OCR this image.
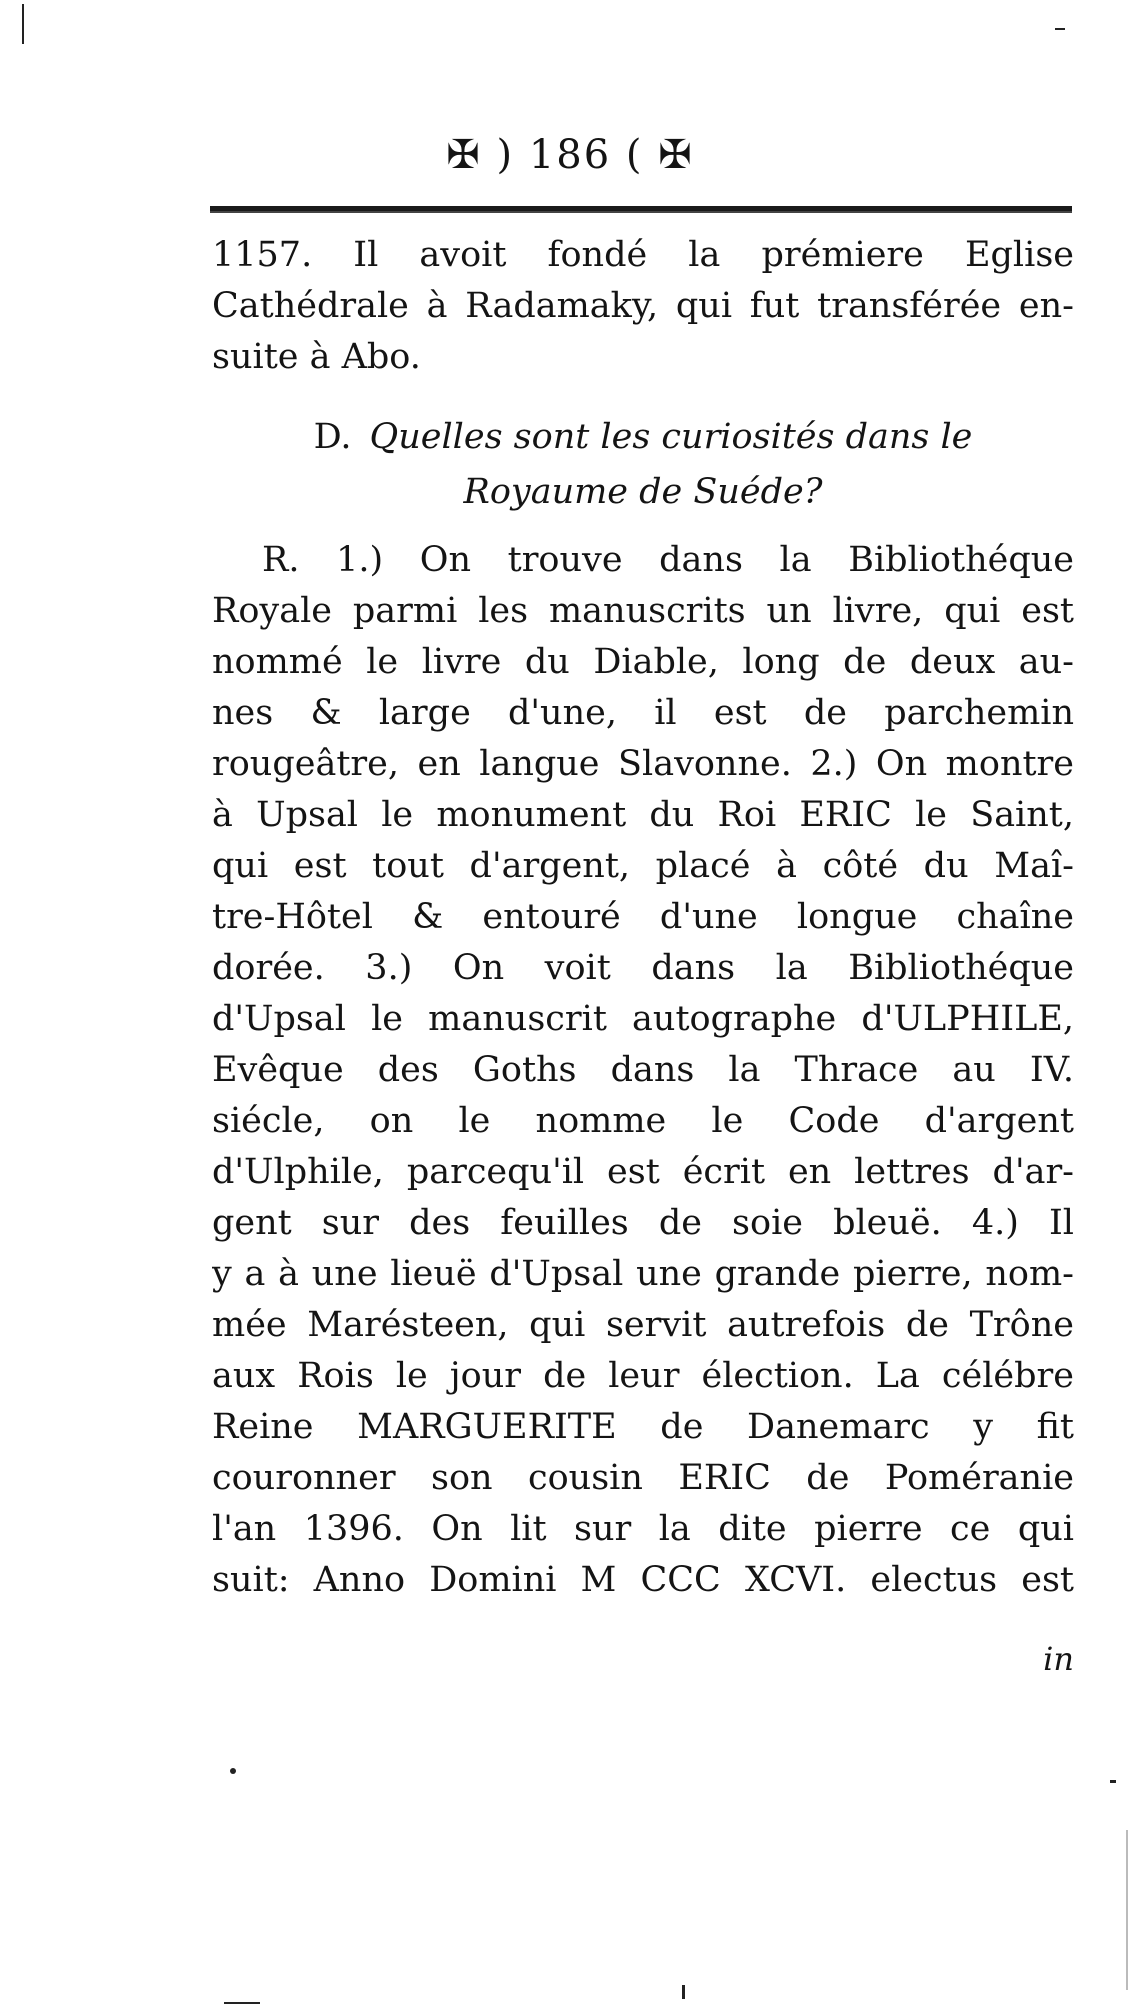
✠ ) 186 ( ✠
1157. Il avoit fondé la prémiere Eglise
Cathédrale à Radamaky, qui fut transférée en-
suite à Abo.
D. Quelles sont les curiosités dans le
Royaume de Suéde?
R. 1.) On trouve dans la Bibliothéque
Royale parmi les manuscrits un livre, qui est
nommé le livre du Diable, long de deux au-
nes & large d'une, il est de parchemin
rougeâtre, en langue Slavonne. 2.) On montre
à Upsal le monument du Roi ERIC le Saint,
qui est tout d'argent, placé à côté du Maî-
tre-Hôtel & entouré d'une longue chaîne
dorée. 3.) On voit dans la Bibliothéque
d'Upsal le manuscrit autographe d'ULPHILE,
Evêque des Goths dans la Thrace au IV.
siécle, on le nomme le Code d'argent
d'Ulphile, parcequ'il est écrit en lettres d'ar-
gent sur des feuilles de soie bleuë. 4.) Il
y a à une lieuë d'Upsal une grande pierre, nom-
mée Marésteen, qui servit autrefois de Trône
aux Rois le jour de leur élection. La célébre
Reine MARGUERITE de Danemarc y fit
couronner son cousin ERIC de Poméranie
l'an 1396. On lit sur la dite pierre ce qui
suit: Anno Domini M CCC XCVI. electus est
in
